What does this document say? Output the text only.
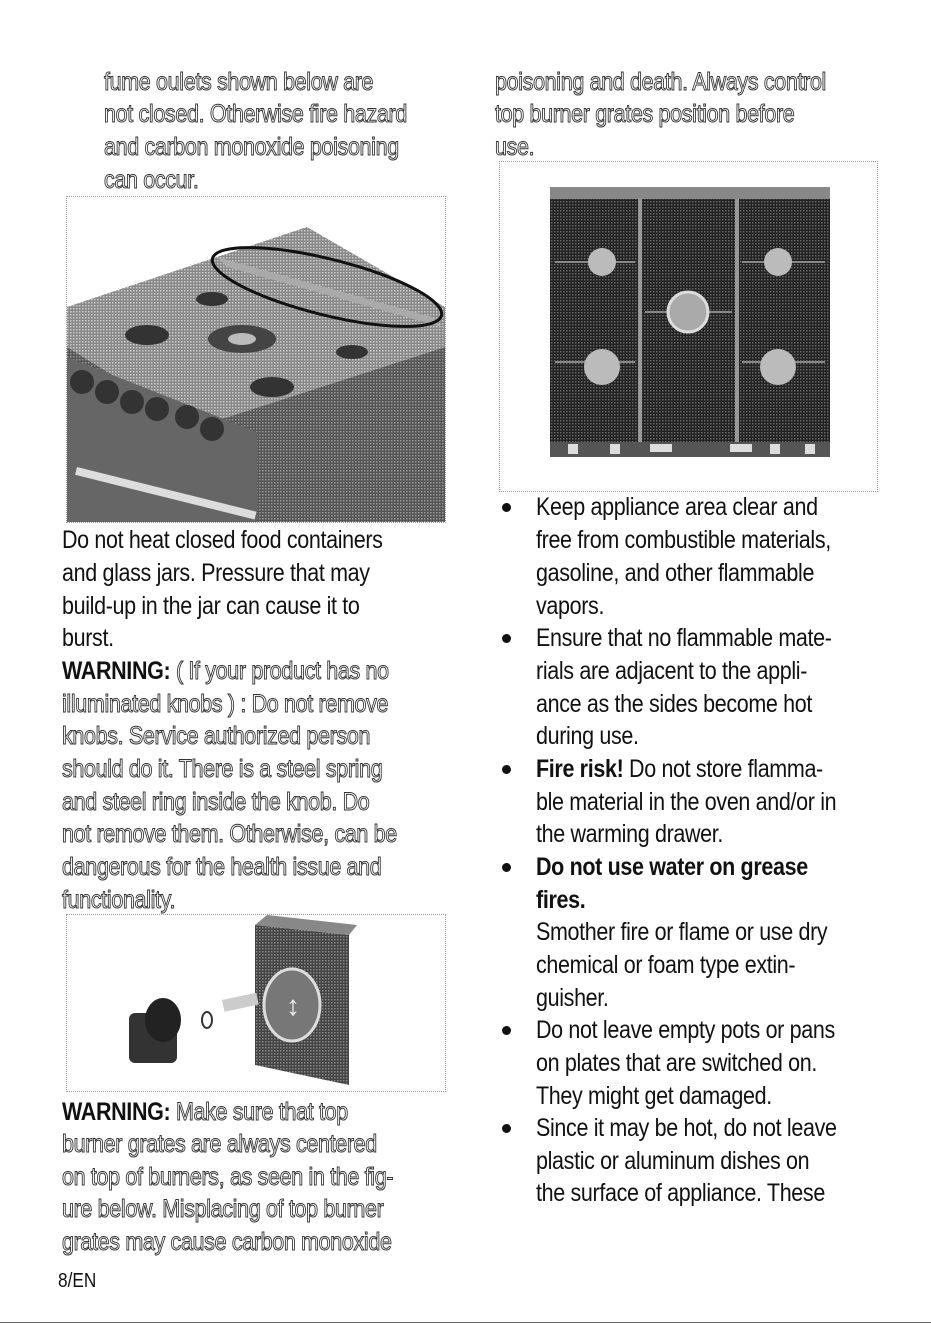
fume oulets shown below are
not closed. Otherwise fire hazard
and carbon monoxide poisoning
can occur.
Do not heat closed food containers
and glass jars. Pressure that may
build-up in the jar can cause it to
burst.
WARNING: ( If your product has no
illuminated knobs ) : Do not remove
knobs. Service authorized person
should do it. There is a steel spring
and steel ring inside the knob. Do
not remove them. Otherwise, can be
dangerous for the health issue and
functionality.
↕
WARNING: Make sure that top
burner grates are always centered
on top of burners, as seen in the fig-
ure below. Misplacing of top burner
grates may cause carbon monoxide
poisoning and death. Always control
top burner grates position before
use.
Keep appliance area clear and
free from combustible materials,
gasoline, and other flammable
vapors.
Ensure that no flammable mate-
rials are adjacent to the appli-
ance as the sides become hot
during use.
Fire risk! Do not store flamma-
ble material in the oven and/or in
the warming drawer.
Do not use water on grease
fires.
Smother fire or flame or use dry
chemical or foam type extin-
guisher.
Do not leave empty pots or pans
on plates that are switched on.
They might get damaged.
Since it may be hot, do not leave
plastic or aluminum dishes on
the surface of appliance. These
8/EN
